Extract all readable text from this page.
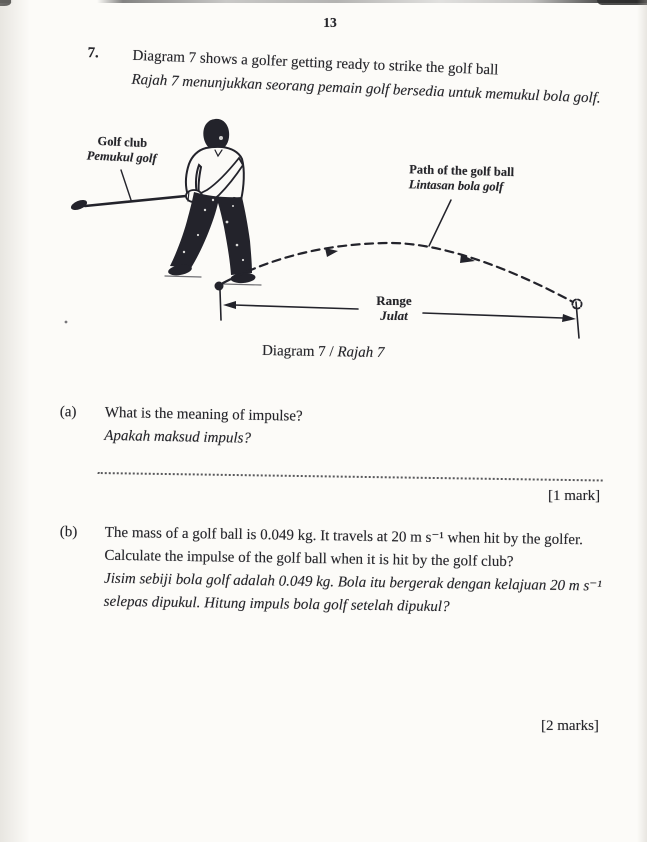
13
7. Diagram 7 shows a golfer getting ready to strike the golf ball
Rajah 7 menunjukkan seorang pemain golf bersedia untuk memukul bola golf.
Golf club
Pemukul golf
Path of the golf ball
Lintasan bola golf
Range
Julat
Diagram 7 / Rajah 7
(a) What is the meaning of impulse?
Apakah maksud impuls?
[1 mark]
(b) The mass of a golf ball is 0.049 kg. It travels at 20 m s⁻¹ when hit by the golfer.
Calculate the impulse of the golf ball when it is hit by the golf club?
Jisim sebiji bola golf adalah 0.049 kg. Bola itu bergerak dengan kelajuan 20 m s⁻¹
selepas dipukul. Hitung impuls bola golf setelah dipukul?
[2 marks]
